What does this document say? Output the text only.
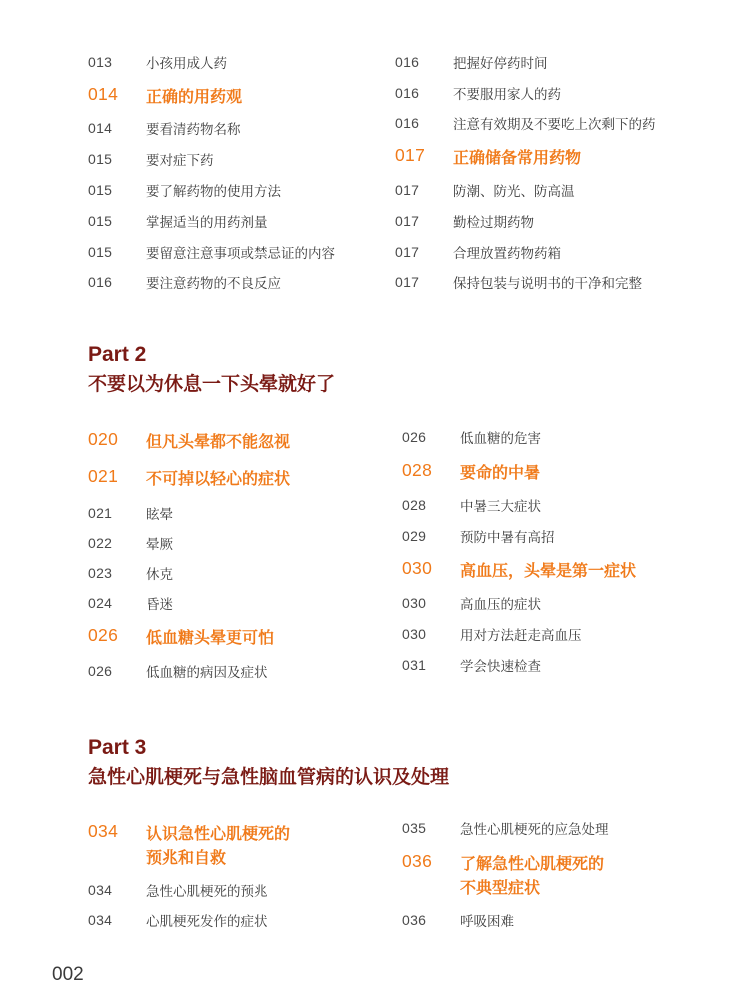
013 小孩用成人药
014 正确的用药观
014 要看清药物名称
015 要对症下药
015 要了解药物的使用方法
015 掌握适当的用药剂量
015 要留意注意事项或禁忌证的内容
016 要注意药物的不良反应
016 把握好停药时间
016 不要服用家人的药
016 注意有效期及不要吃上次剩下的药
017 正确储备常用药物
017 防潮、防光、防高温
017 勤检过期药物
017 合理放置药物药箱
017 保持包装与说明书的干净和完整
Part 2
不要以为休息一下头晕就好了
020 但凡头晕都不能忽视
021 不可掉以轻心的症状
021 眩晕
022 晕厥
023 休克
024 昏迷
026 低血糖头晕更可怕
026 低血糖的病因及症状
026 低血糖的危害
028 要命的中暑
028 中暑三大症状
029 预防中暑有高招
030 高血压，头晕是第一症状
030 高血压的症状
030 用对方法赶走高血压
031 学会快速检查
Part 3
急性心肌梗死与急性脑血管病的认识及处理
034 认识急性心肌梗死的
预兆和自救
034 急性心肌梗死的预兆
034 心肌梗死发作的症状
035 急性心肌梗死的应急处理
036 了解急性心肌梗死的
不典型症状
036 呼吸困难
002
